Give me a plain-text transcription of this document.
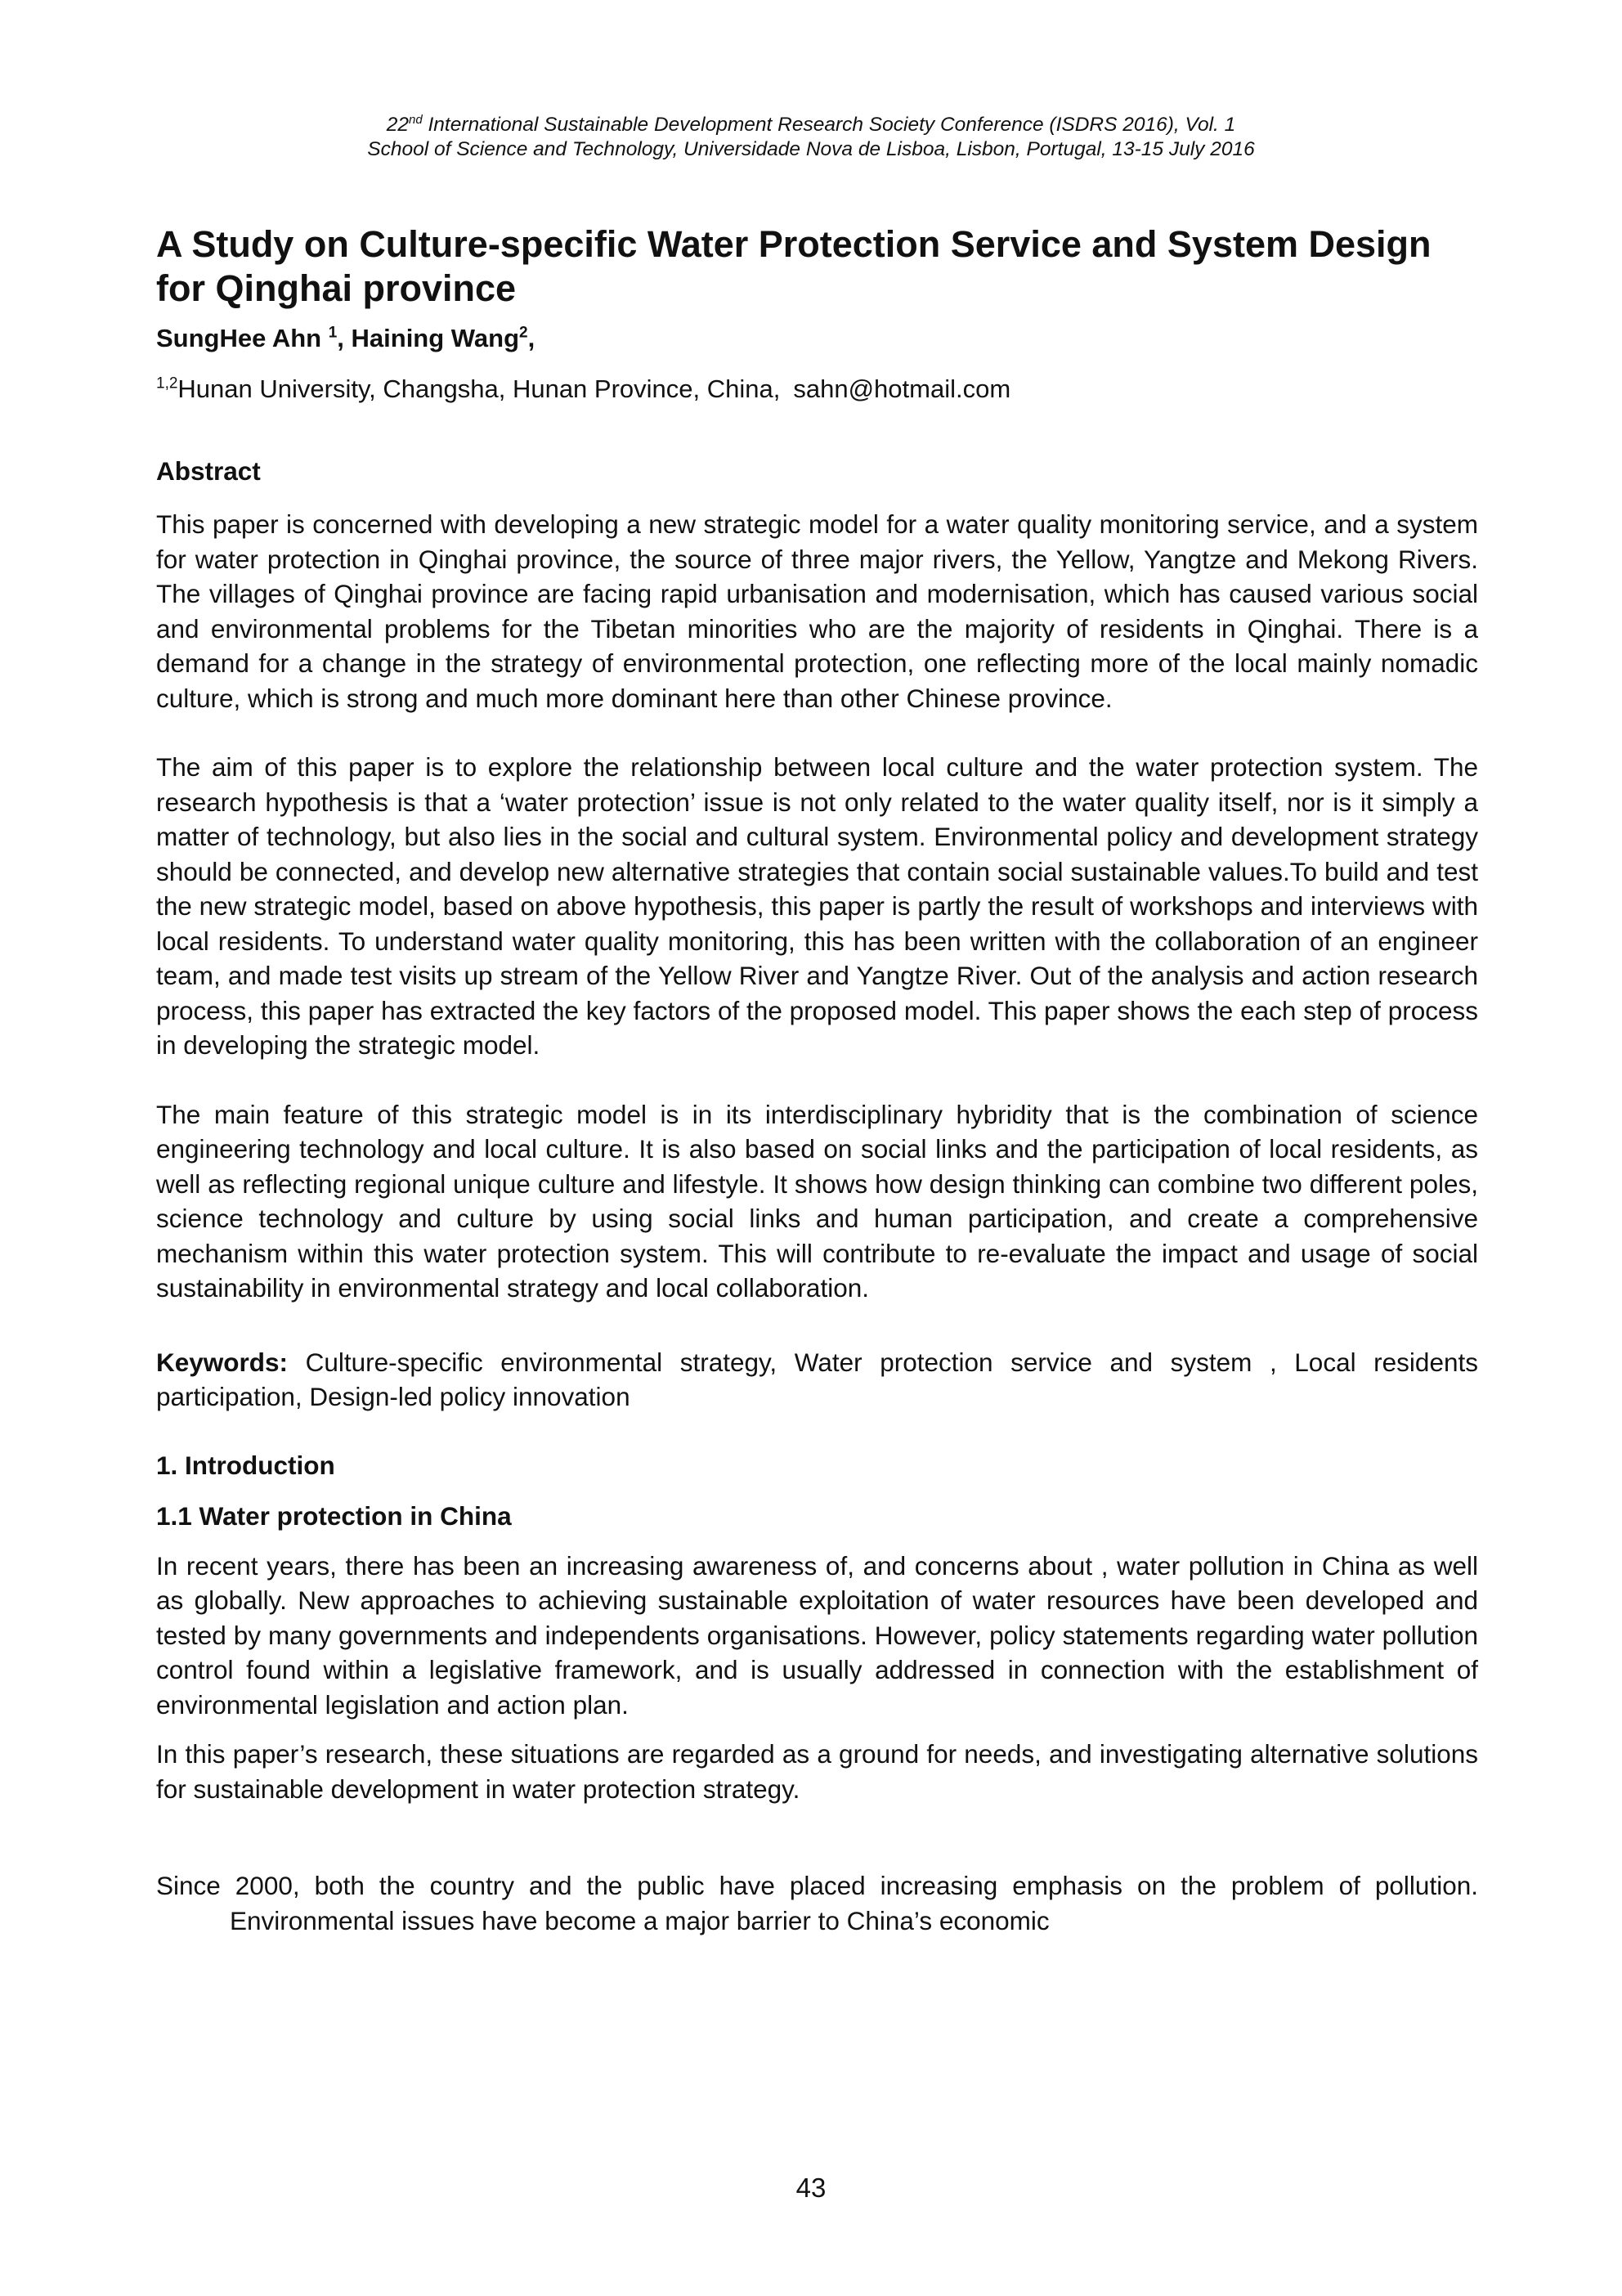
22nd International Sustainable Development Research Society Conference (ISDRS 2016), Vol. 1
School of Science and Technology, Universidade Nova de Lisboa, Lisbon, Portugal, 13-15 July 2016
A Study on Culture-specific Water Protection Service and System Design for Qinghai province
SungHee Ahn $^1$, Haining Wang$^2$,
$^{1,2}$Hunan University, Changsha, Hunan Province, China, sahn@hotmail.com
Abstract

This paper is concerned with developing a new strategic model for a water quality monitoring service, and a system for water protection in Qinghai province, the source of three major rivers, the Yellow, Yangtze and Mekong Rivers. The villages of Qinghai province are facing rapid urbanisation and modernisation, which has caused various social and environmental problems for the Tibetan minorities who are the majority of residents in Qinghai. There is a demand for a change in the strategy of environmental protection, one reflecting more of the local mainly nomadic culture, which is strong and much more dominant here than other Chinese province.

The aim of this paper is to explore the relationship between local culture and the water protection system. The research hypothesis is that a ‘water protection’ issue is not only related to the water quality itself, nor is it simply a matter of technology, but also lies in the social and cultural system. Environmental policy and development strategy should be connected, and develop new alternative strategies that contain social sustainable values.To build and test the new strategic model, based on above hypothesis, this paper is partly the result of workshops and interviews with local residents. To understand water quality monitoring, this has been written with the collaboration of an engineer team, and made test visits up stream of the Yellow River and Yangtze River. Out of the analysis and action research process, this paper has extracted the key factors of the proposed model. This paper shows the each step of process in developing the strategic model.

The main feature of this strategic model is in its interdisciplinary hybridity that is the combination of science engineering technology and local culture. It is also based on social links and the participation of local residents, as well as reflecting regional unique culture and lifestyle. It shows how design thinking can combine two different poles, science technology and culture by using social links and human participation, and create a comprehensive mechanism within this water protection system. This will contribute to re-evaluate the impact and usage of social sustainability in environmental strategy and local collaboration.

Keywords: Culture-specific environmental strategy, Water protection service and system , Local residents participation, Design-led policy innovation

1. Introduction
1.1 Water protection in China

In recent years, there has been an increasing awareness of, and concerns about , water pollution in China as well as globally. New approaches to achieving sustainable exploitation of water resources have been developed and tested by many governments and independents organisations. However, policy statements regarding water pollution control found within a legislative framework, and is usually addressed in connection with the establishment of environmental legislation and action plan.

In this paper’s research, these situations are regarded as a ground for needs, and investigating alternative solutions for sustainable development in water protection strategy.

Since 2000, both the country and the public have placed increasing emphasis on the problem of pollution. Environmental issues have become a major barrier to China’s economic

43
